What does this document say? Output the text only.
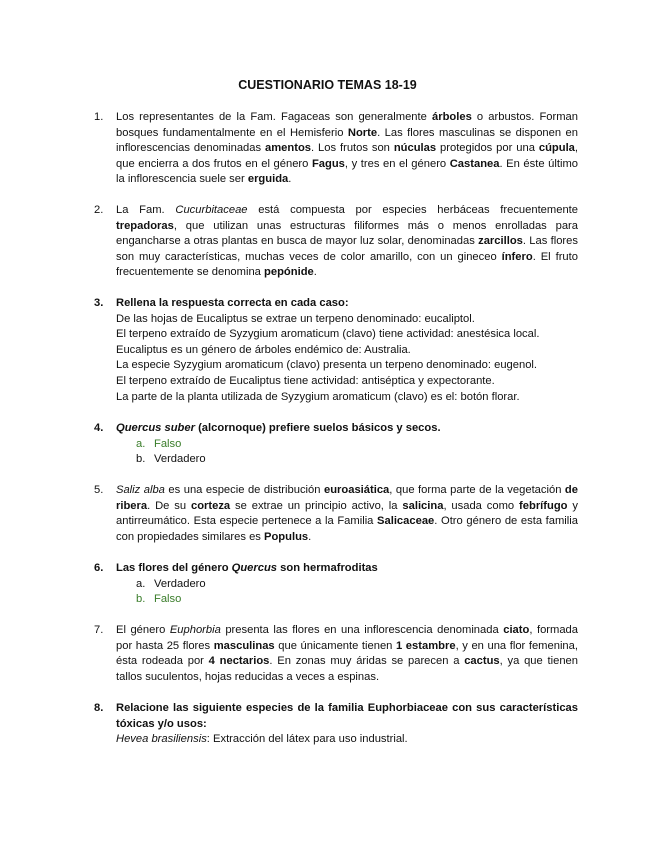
CUESTIONARIO TEMAS 18-19
1.	Los representantes de la Fam. Fagaceas son generalmente árboles o arbustos. Forman bosques fundamentalmente en el Hemisferio Norte. Las flores masculinas se disponen en inflorescencias denominadas amentos. Los frutos son núculas protegidos por una cúpula, que encierra a dos frutos en el género Fagus, y tres en el género Castanea. En éste último la inflorescencia suele ser erguida.
2.	La Fam. Cucurbitaceae está compuesta por especies herbáceas frecuentemente trepadoras, que utilizan unas estructuras filiformes más o menos enrolladas para engancharse a otras plantas en busca de mayor luz solar, denominadas zarcillos. Las flores son muy características, muchas veces de color amarillo, con un gineceo ínfero. El fruto frecuentemente se denomina pepónide.
3.	Rellena la respuesta correcta en cada caso:
De las hojas de Eucaliptus se extrae un terpeno denominado: eucaliptol.
El terpeno extraído de Syzygium aromaticum (clavo) tiene actividad: anestésica local.
Eucaliptus es un género de árboles endémico de: Australia.
La especie Syzygium aromaticum (clavo) presenta un terpeno denominado: eugenol.
El terpeno extraído de Eucaliptus tiene actividad: antiséptica y expectorante.
La parte de la planta utilizada de Syzygium aromaticum (clavo) es el: botón florar.
4.	Quercus suber (alcornoque) prefiere suelos básicos y secos.
a. Falso
b. Verdadero
5.	Saliz alba es una especie de distribución euroasiática, que forma parte de la vegetación de ribera. De su corteza se extrae un principio activo, la salicina, usada como febrífugo y antirreumático. Esta especie pertenece a la Familia Salicaceae. Otro género de esta familia con propiedades similares es Populus.
6.	Las flores del género Quercus son hermafroditas
a. Verdadero
b. Falso
7.	El género Euphorbia presenta las flores en una inflorescencia denominada ciato, formada por hasta 25 flores masculinas que únicamente tienen 1 estambre, y en una flor femenina, ésta rodeada por 4 nectarios. En zonas muy áridas se parecen a cactus, ya que tienen tallos suculentos, hojas reducidas a veces a espinas.
8.	Relacione las siguiente especies de la familia Euphorbiaceae con sus características tóxicas y/o usos:
Hevea brasiliensis: Extracción del látex para uso industrial.
